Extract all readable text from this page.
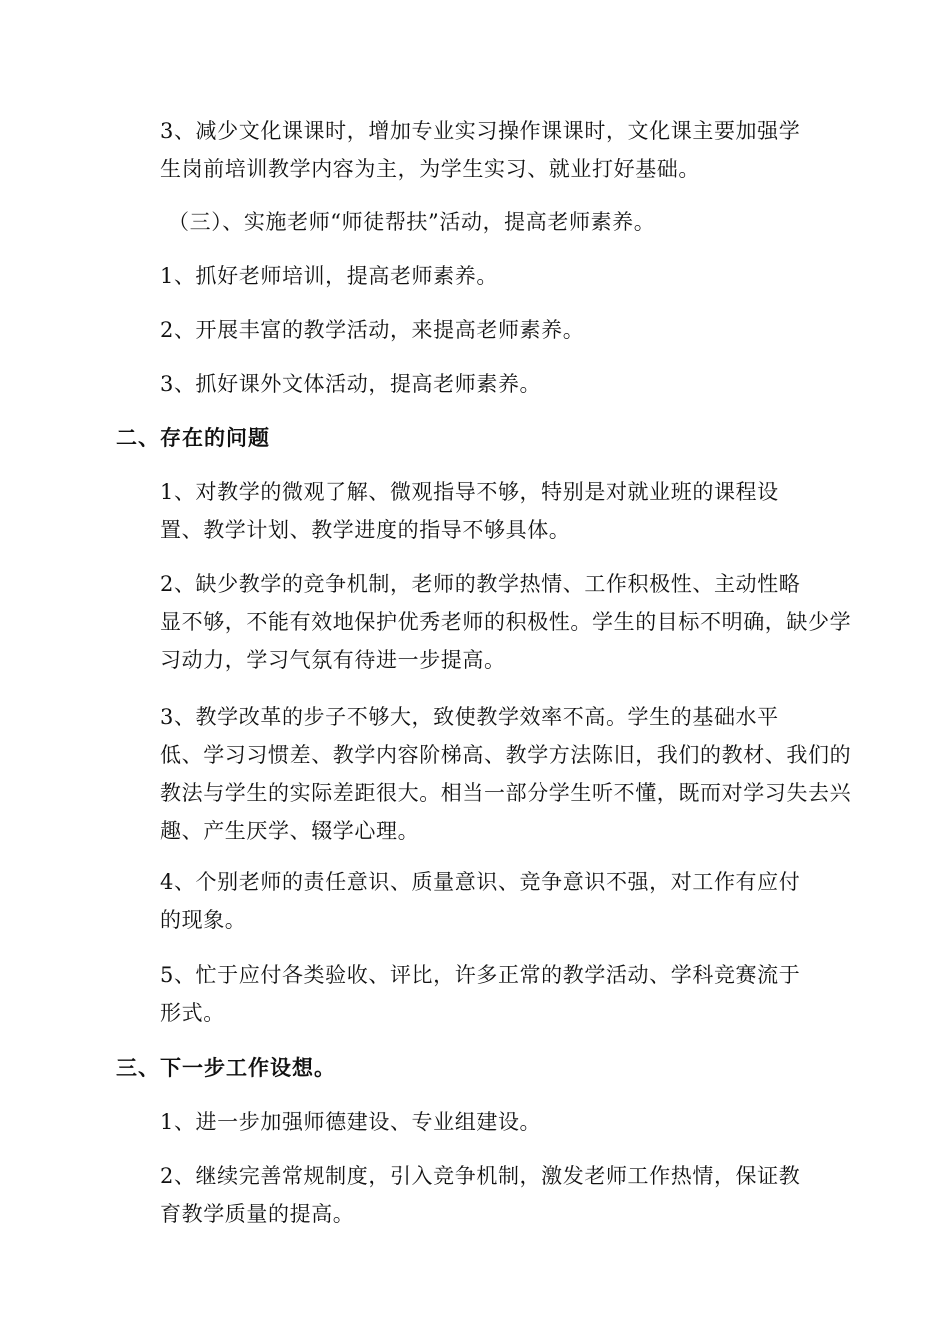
3、减少文化课课时，增加专业实习操作课课时，文化课主要加强学
生岗前培训教学内容为主，为学生实习、就业打好基础。
（三）、实施老师“师徒帮扶”活动，提高老师素养。
1、抓好老师培训，提高老师素养。
2、开展丰富的教学活动，来提高老师素养。
3、抓好课外文体活动，提高老师素养。
二、存在的问题
1、对教学的微观了解、微观指导不够，特别是对就业班的课程设
置、教学计划、教学进度的指导不够具体。
2、缺少教学的竞争机制，老师的教学热情、工作积极性、主动性略
显不够，不能有效地保护优秀老师的积极性。学生的目标不明确，缺少学
习动力，学习气氛有待进一步提高。
3、教学改革的步子不够大，致使教学效率不高。学生的基础水平
低、学习习惯差、教学内容阶梯高、教学方法陈旧，我们的教材、我们的
教法与学生的实际差距很大。相当一部分学生听不懂，既而对学习失去兴
趣、产生厌学、辍学心理。
4、个别老师的责任意识、质量意识、竞争意识不强，对工作有应付
的现象。
5、忙于应付各类验收、评比，许多正常的教学活动、学科竞赛流于
形式。
三、下一步工作设想。
1、进一步加强师德建设、专业组建设。
2、继续完善常规制度，引入竞争机制，激发老师工作热情，保证教
育教学质量的提高。
